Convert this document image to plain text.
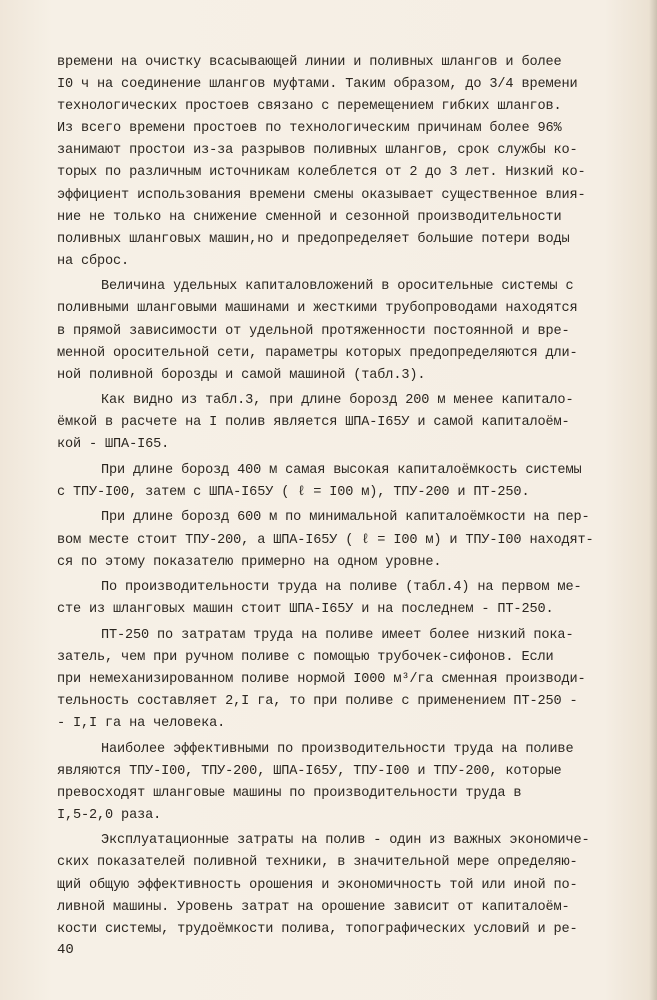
времени на очистку всасывающей линии и поливных шлангов и более
I0 ч на соединение шлангов муфтами. Таким образом, до 3/4 времени
технологических простоев связано с перемещением гибких шлангов.
Из всего времени простоев по технологическим причинам более 96%
занимают простои из-за разрывов поливных шлангов, срок службы ко-
торых по различным источникам колеблется от 2 до 3 лет. Низкий ко-
эффициент использования времени смены оказывает существенное влия-
ние не только на снижение сменной и сезонной производительности
поливных шланговых машин,но и предопределяет большие потери воды
на сброс.
Величина удельных капиталовложений в оросительные системы с
поливными шланговыми машинами и жесткими трубопроводами находятся
в прямой зависимости от удельной протяженности постоянной и вре-
менной оросительной сети, параметры которых предопределяются дли-
ной поливной борозды и самой машиной (табл.3).
Как видно из табл.3, при длине борозд 200 м менее капитало-
ёмкой в расчете на I полив является ШПА-I65У и самой капиталоём-
кой - ШПА-I65.
При длине борозд 400 м самая высокая капиталоёмкость системы
с ТПУ-I00, затем с ШПА-I65У ( ℓ = I00 м), ТПУ-200 и ПТ-250.
При длине борозд 600 м по минимальной капиталоёмкости на пер-
вом месте стоит ТПУ-200, а ШПА-I65У ( ℓ = I00 м) и ТПУ-I00 находят-
ся по этому показателю примерно на одном уровне.
По производительности труда на поливе (табл.4) на первом ме-
сте из шланговых машин стоит ШПА-I65У и на последнем - ПТ-250.
ПТ-250 по затратам труда на поливе имеет более низкий пока-
затель, чем при ручном поливе с помощью трубочек-сифонов. Если
при немеханизированном поливе нормой I000 м³/га сменная производи-
тельность составляет 2,I га, то при поливе с применением ПТ-250 -
- I,I га на человека.
Наиболее эффективными по производительности труда на поливе
являются ТПУ-I00, ТПУ-200, ШПА-I65У, ТПУ-I00 и ТПУ-200, которые
превосходят шланговые машины по производительности труда в
I,5-2,0 раза.
Эксплуатационные затраты на полив - один из важных экономиче-
ских показателей поливной техники, в значительной мере определяю-
щий общую эффективность орошения и экономичность той или иной по-
ливной машины. Уровень затрат на орошение зависит от капиталоём-
кости системы, трудоёмкости полива, топографических условий и ре-
40
